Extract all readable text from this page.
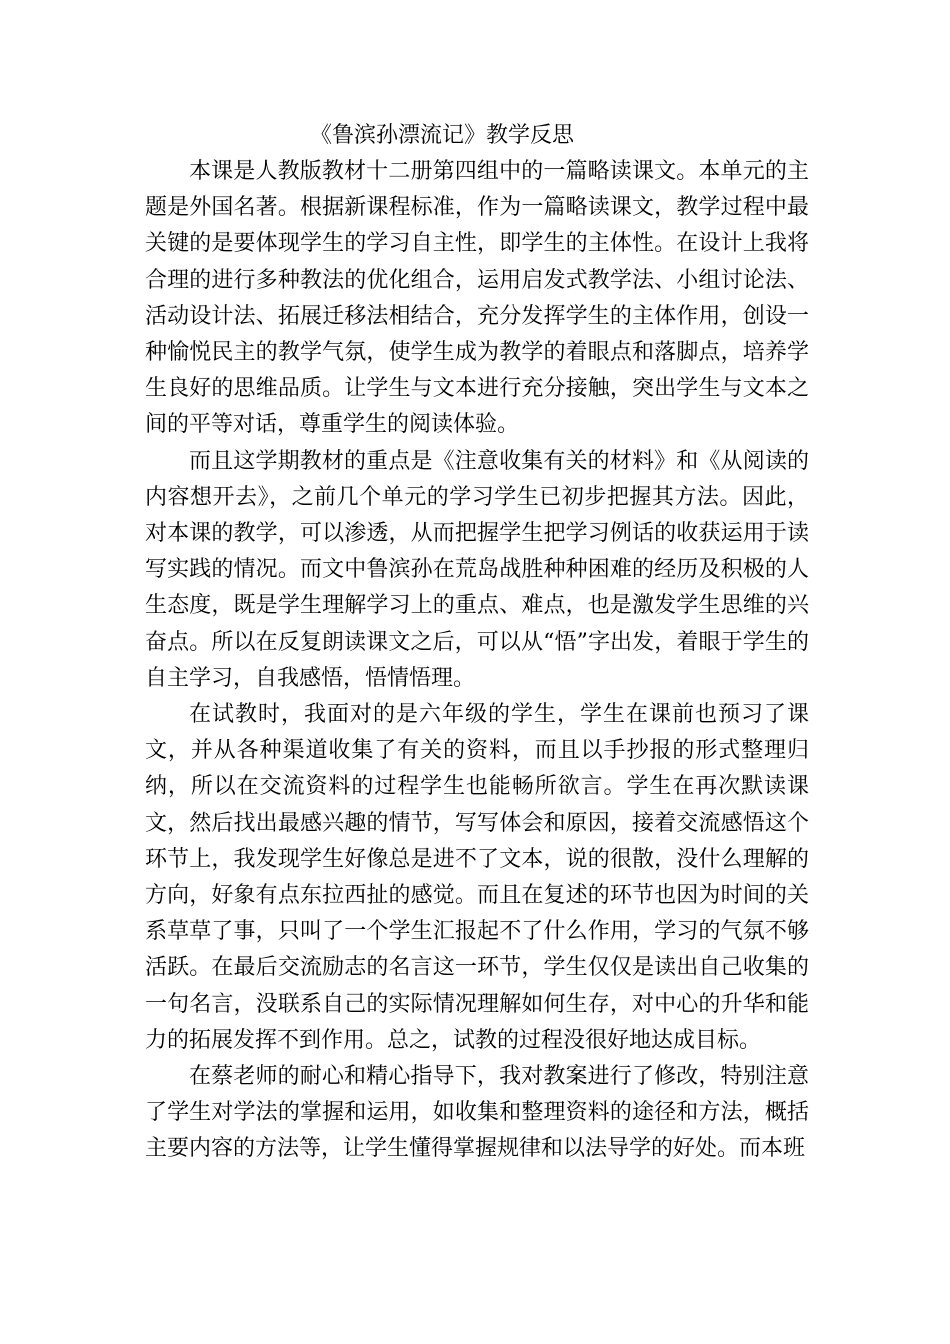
《鲁滨孙漂流记》教学反思

本课是人教版教材十二册第四组中的一篇略读课文。本单元的主题是外国名著。根据新课程标准，作为一篇略读课文，教学过程中最关键的是要体现学生的学习自主性，即学生的主体性。在设计上我将合理的进行多种教法的优化组合，运用启发式教学法、小组讨论法、活动设计法、拓展迁移法相结合，充分发挥学生的主体作用，创设一种愉悦民主的教学气氛，使学生成为教学的着眼点和落脚点，培养学生良好的思维品质。让学生与文本进行充分接触，突出学生与文本之间的平等对话，尊重学生的阅读体验。

而且这学期教材的重点是《注意收集有关的材料》和《从阅读的内容想开去》，之前几个单元的学习学生已初步把握其方法。因此，对本课的教学，可以渗透，从而把握学生把学习例话的收获运用于读写实践的情况。而文中鲁滨孙在荒岛战胜种种困难的经历及积极的人生态度，既是学生理解学习上的重点、难点，也是激发学生思维的兴奋点。所以在反复朗读课文之后，可以从“悟”字出发，着眼于学生的自主学习，自我感悟，悟情悟理。

在试教时，我面对的是六年级的学生，学生在课前也预习了课文，并从各种渠道收集了有关的资料，而且以手抄报的形式整理归纳，所以在交流资料的过程学生也能畅所欲言。学生在再次默读课文，然后找出最感兴趣的情节，写写体会和原因，接着交流感悟这个环节上，我发现学生好像总是进不了文本，说的很散，没什么理解的方向，好象有点东拉西扯的感觉。而且在复述的环节也因为时间的关系草草了事，只叫了一个学生汇报起不了什么作用，学习的气氛不够活跃。在最后交流励志的名言这一环节，学生仅仅是读出自己收集的一句名言，没联系自己的实际情况理解如何生存，对中心的升华和能力的拓展发挥不到作用。总之，试教的过程没很好地达成目标。

在蔡老师的耐心和精心指导下，我对教案进行了修改，特别注意了学生对学法的掌握和运用，如收集和整理资料的途径和方法，概括主要内容的方法等，让学生懂得掌握规律和以法导学的好处。而本班
